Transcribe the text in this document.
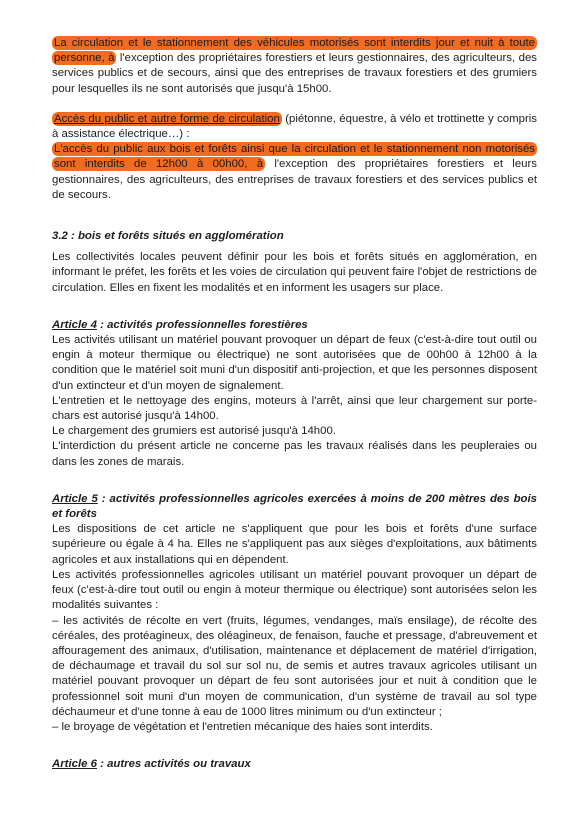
La circulation et le stationnement des véhicules motorisés sont interdits jour et nuit à toute personne, à l'exception des propriétaires forestiers et leurs gestionnaires, des agriculteurs, des services publics et de secours, ainsi que des entreprises de travaux forestiers et des grumiers pour lesquelles ils ne sont autorisés que jusqu'à 15h00.

Accès du public et autre forme de circulation (piétonne, équestre, à vélo et trottinette y compris à assistance électrique…) :

L'accès du public aux bois et forêts ainsi que la circulation et le stationnement non motorisés sont interdits de 12h00 à 00h00, à l'exception des propriétaires forestiers et leurs gestionnaires, des agriculteurs, des entreprises de travaux forestiers et des services publics et de secours.

3.2 : bois et forêts situés en agglomération

Les collectivités locales peuvent définir pour les bois et forêts situés en agglomération, en informant le préfet, les forêts et les voies de circulation qui peuvent faire l'objet de restrictions de circulation. Elles en fixent les modalités et en informent les usagers sur place.

Article 4 : activités professionnelles forestières

Les activités utilisant un matériel pouvant provoquer un départ de feux (c'est-à-dire tout outil ou engin à moteur thermique ou électrique) ne sont autorisées que de 00h00 à 12h00 à la condition que le matériel soit muni d'un dispositif anti-projection, et que les personnes disposent d'un extincteur et d'un moyen de signalement.

L'entretien et le nettoyage des engins, moteurs à l'arrêt, ainsi que leur chargement sur porte-chars est autorisé jusqu'à 14h00.

Le chargement des grumiers est autorisé jusqu'à 14h00.

L'interdiction du présent article ne concerne pas les travaux réalisés dans les peupleraies ou dans les zones de marais.

Article 5 : activités professionnelles agricoles exercées à moins de 200 mètres des bois et forêts

Les dispositions de cet article ne s'appliquent que pour les bois et forêts d'une surface supérieure ou égale à 4 ha. Elles ne s'appliquent pas aux sièges d'exploitations, aux bâtiments agricoles et aux installations qui en dépendent.

Les activités professionnelles agricoles utilisant un matériel pouvant provoquer un départ de feux (c'est-à-dire tout outil ou engin à moteur thermique ou électrique) sont autorisées selon les modalités suivantes :

– les activités de récolte en vert (fruits, légumes, vendanges, maïs ensilage), de récolte des céréales, des protéagineux, des oléagineux, de fenaison, fauche et pressage, d'abreuvement et affouragement des animaux, d'utilisation, maintenance et déplacement de matériel d'irrigation, de déchaumage et travail du sol sur sol nu, de semis et autres travaux agricoles utilisant un matériel pouvant provoquer un départ de feu sont autorisées jour et nuit à condition que le professionnel soit muni d'un moyen de communication, d'un système de travail au sol type déchaumeur et d'une tonne à eau de 1000 litres minimum ou d'un extincteur ;

– le broyage de végétation et l'entretien mécanique des haies sont interdits.

Article 6 : autres activités ou travaux
